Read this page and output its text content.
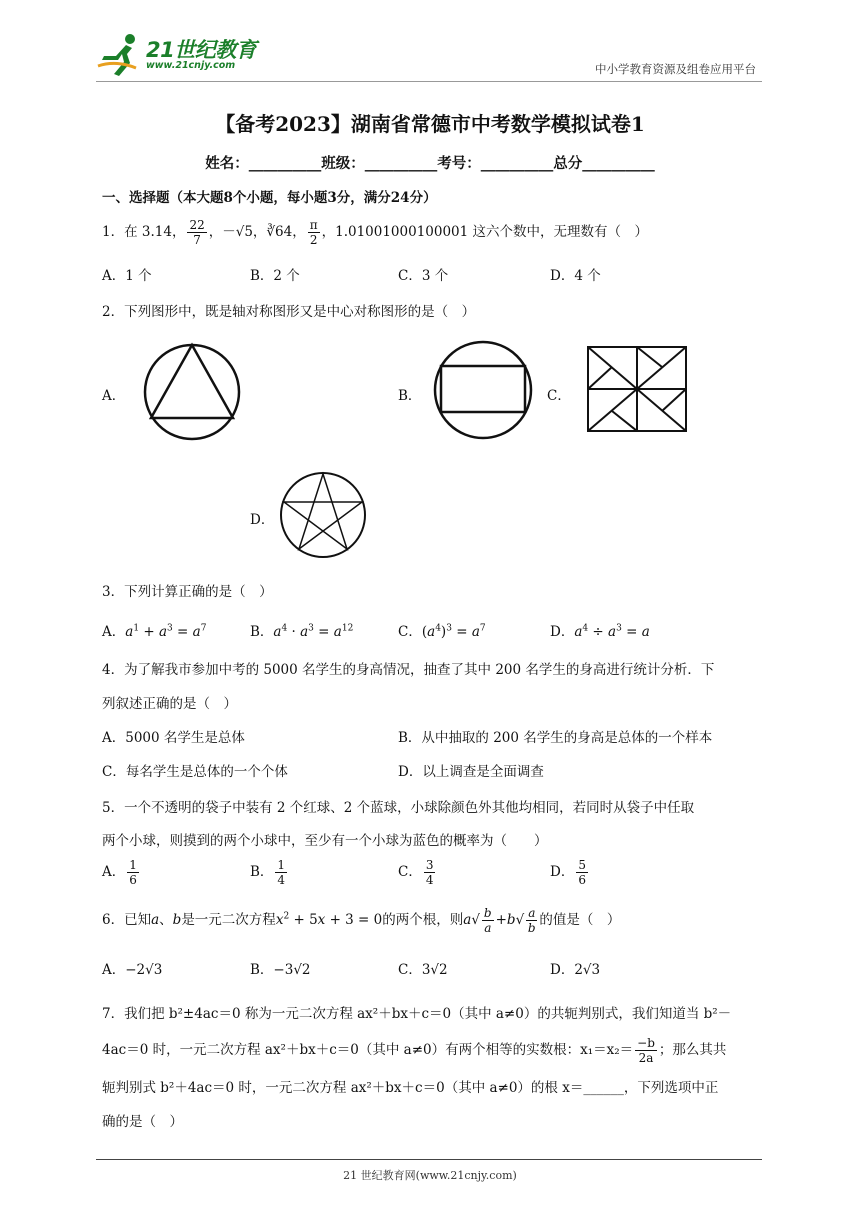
21世纪教育
www.21cnjy.com	中小学教育资源及组卷应用平台
【备考2023】湖南省常德市中考数学模拟试卷1
姓名：__________班级：__________考号：__________总分__________
一、选择题（本大题8个小题，每小题3分，满分24分）
1．在 3.14， $\frac{22}{7}$ ，－√5，∛64， $\frac{\pi}{2}$ ，1.01001000100001 这六个数中，无理数有（　）
A．1 个	B．2 个	C．3 个	D．4 个
2．下列图形中，既是轴对称图形又是中心对称图形的是（　）
A．	B．	C．
D．
3．下列计算正确的是（　）
A．$a^1 + a^3 = a^7$	B．$a^4 \cdot a^3 = a^{12}$	C．$(a^4)^3 = a^7$	D．$a^4 \div a^3 = a$
4．为了解我市参加中考的 5000 名学生的身高情况，抽查了其中 200 名学生的身高进行统计分析．下
列叙述正确的是（　）
A．5000 名学生是总体	B．从中抽取的 200 名学生的身高是总体的一个样本
C．每名学生是总体的一个个体	D．以上调查是全面调查
5．一个不透明的袋子中装有 2 个红球、2 个蓝球，小球除颜色外其他均相同，若同时从袋子中任取
两个小球，则摸到的两个小球中，至少有一个小球为蓝色的概率为（　　）
A． $\frac{1}{6}$	B． $\frac{1}{4}$	C． $\frac{3}{4}$	D． $\frac{5}{6}$
6．已知a、b是一元二次方程$x^2 + 5x + 3 = 0$的两个根，则$a√ \frac{b}{a} +b√ \frac{a}{b}$ 的值是（　）
A．−2√3	B．−3√2	C．3√2	D．2√3
7．我们把 b²±4ac＝0 称为一元二次方程 ax²＋bx＋c＝0（其中 a≠0）的共轭判别式，我们知道当 b²－
4ac＝0 时，一元二次方程 ax²＋bx＋c＝0（其中 a≠0）有两个相等的实数根：$x_1=x_2= \frac{-b}{2a}$ ；那么其共
轭判别式 b²＋4ac＝0 时，一元二次方程 ax²＋bx＋c＝0（其中 a≠0）的根 x＝______，下列选项中正
确的是（　）
21 世纪教育网(www.21cnjy.com)
